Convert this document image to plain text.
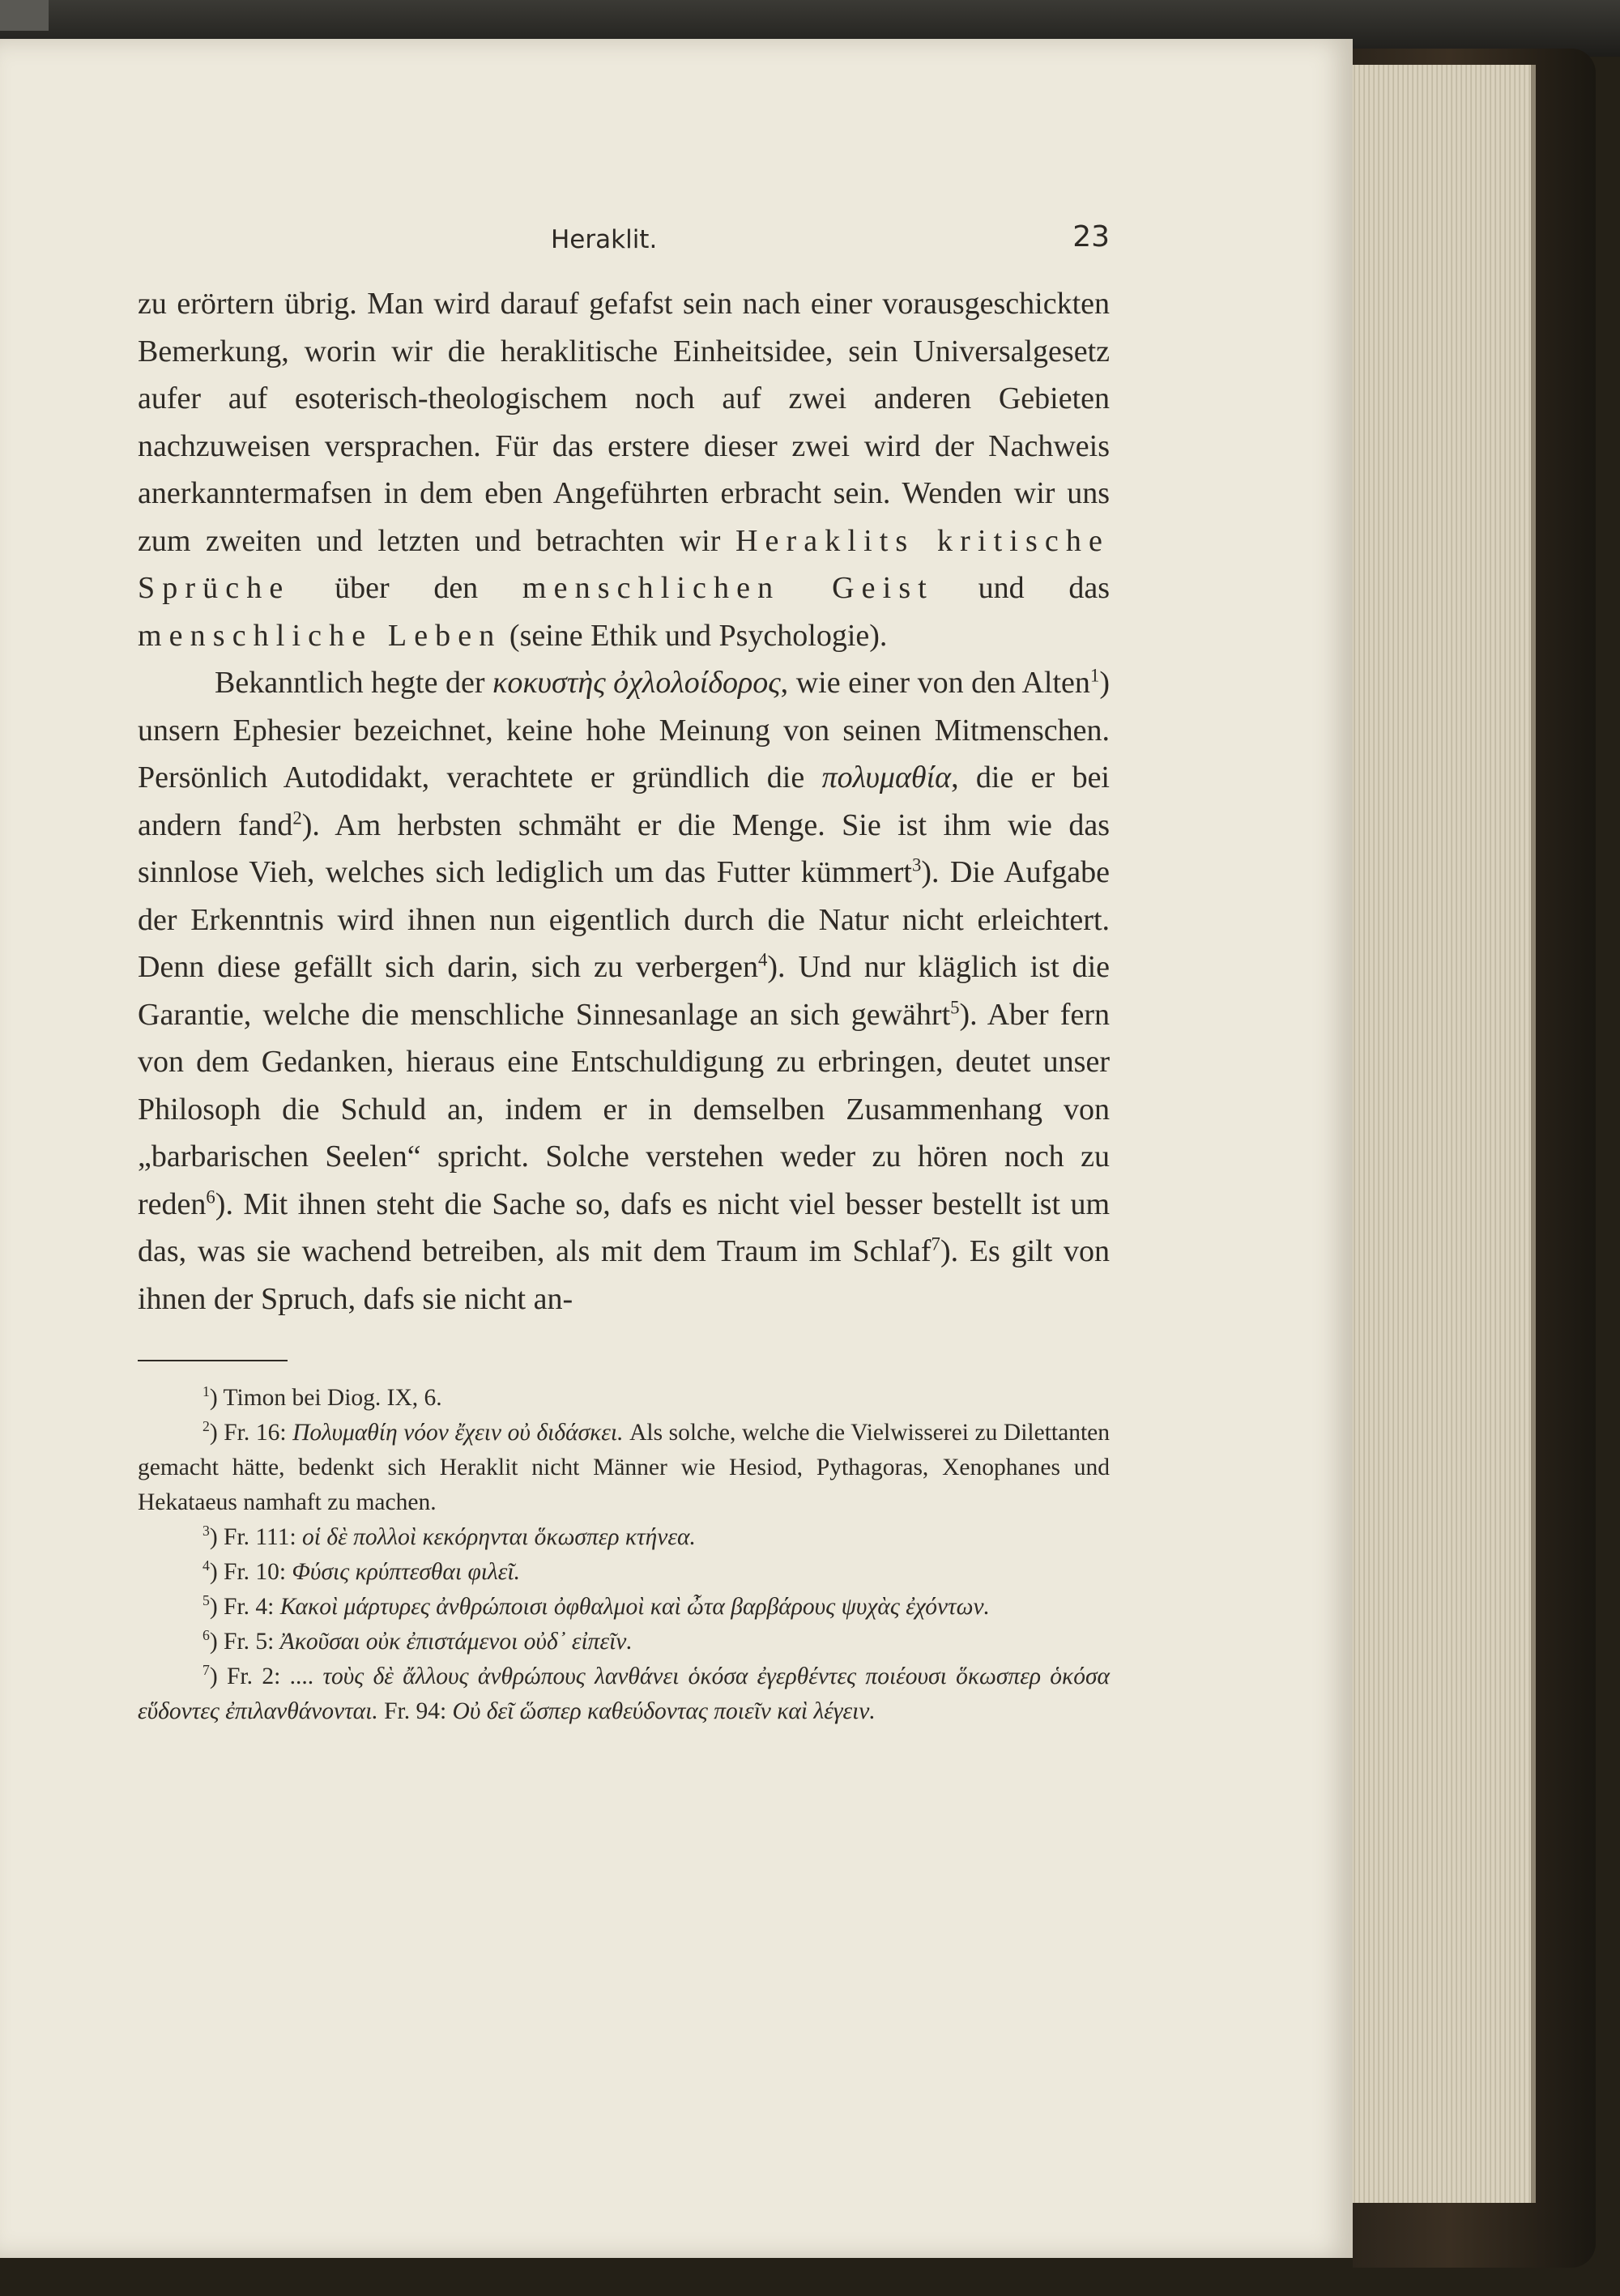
Heraklit.	23

zu erörtern übrig. Man wird darauf gefafst sein nach einer vorausgeschickten Bemerkung, worin wir die heraklitische Einheitsidee, sein Universalgesetz aufer auf esoterisch-theologischem noch auf zwei anderen Gebieten nachzuweisen versprachen. Für das erstere dieser zwei wird der Nachweis anerkanntermafsen in dem eben Angeführten erbracht sein. Wenden wir uns zum zweiten und letzten und betrachten wir Heraklits kritische Sprüche über den menschlichen Geist und das menschliche Leben (seine Ethik und Psychologie).

Bekanntlich hegte der κοκυστὴς ὀχλολοίδορος, wie einer von den Alten$^1$) unsern Ephesier bezeichnet, keine hohe Meinung von seinen Mitmenschen. Persönlich Autodidakt, verachtete er gründlich die πολυμαθία, die er bei andern fand$^2$). Am herbsten schmäht er die Menge. Sie ist ihm wie das sinnlose Vieh, welches sich lediglich um das Futter kümmert$^3$). Die Aufgabe der Erkenntnis wird ihnen nun eigentlich durch die Natur nicht erleichtert. Denn diese gefällt sich darin, sich zu verbergen$^4$). Und nur kläglich ist die Garantie, welche die menschliche Sinnesanlage an sich gewährt$^5$). Aber fern von dem Gedanken, hieraus eine Entschuldigung zu erbringen, deutet unser Philosoph die Schuld an, indem er in demselben Zusammenhang von „barbarischen Seelen“ spricht. Solche verstehen weder zu hören noch zu reden$^6$). Mit ihnen steht die Sache so, dafs es nicht viel besser bestellt ist um das, was sie wachend betreiben, als mit dem Traum im Schlaf$^7$). Es gilt von ihnen der Spruch, dafs sie nicht an-

$^1$) Timon bei Diog. IX, 6.

$^2$) Fr. 16: Πολυμαθίη νόον ἔχειν οὐ διδάσκει. Als solche, welche die Vielwisserei zu Dilettanten gemacht hätte, bedenkt sich Heraklit nicht Männer wie Hesiod, Pythagoras, Xenophanes und Hekataeus namhaft zu machen.

$^3$) Fr. 111: οἱ δὲ πολλοὶ κεκόρηνται ὅκωσπερ κτήνεα.

$^4$) Fr. 10: Φύσις κρύπτεσθαι φιλεῖ.

$^5$) Fr. 4: Κακοὶ μάρτυρες ἀνθρώποισι ὀφθαλμοὶ καὶ ὦτα βαρβάρους ψυχὰς ἐχόντων.

$^6$) Fr. 5: Ἀκοῦσαι οὐκ ἐπιστάμενοι οὐδ᾽ εἰπεῖν.

$^7$) Fr. 2: .... τοὺς δὲ ἄλλους ἀνθρώπους λανθάνει ὁκόσα ἐγερθέντες ποιέουσι ὅκωσπερ ὁκόσα εὕδοντες ἐπιλανθάνονται. Fr. 94: Οὐ δεῖ ὥσπερ καθεύδοντας ποιεῖν καὶ λέγειν.
